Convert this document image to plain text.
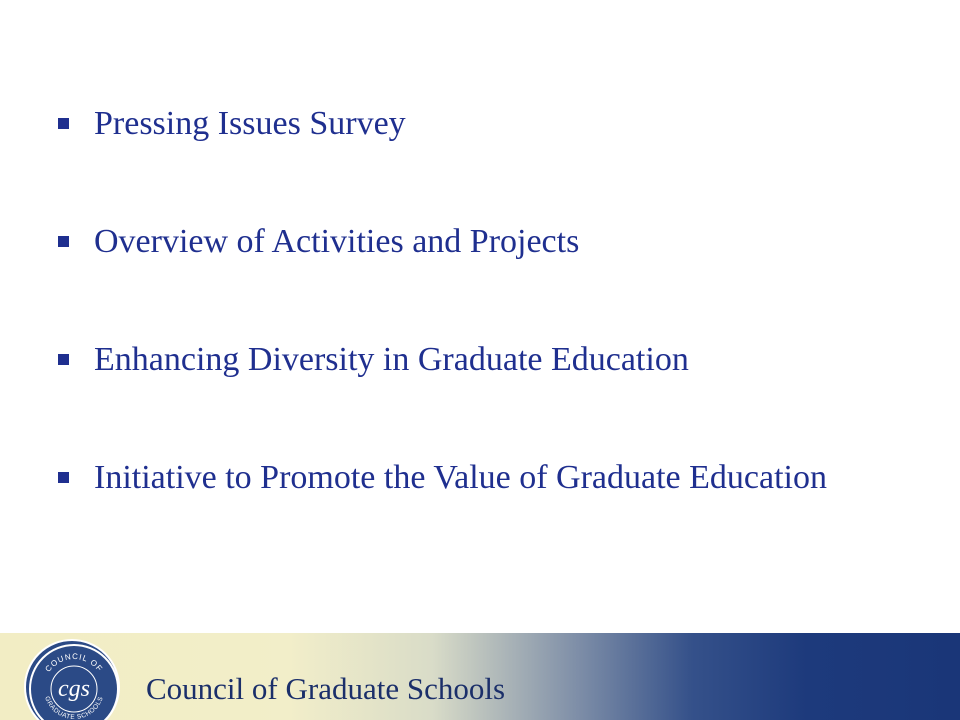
Pressing Issues Survey
Overview of Activities and Projects
Enhancing Diversity in Graduate Education
Initiative to Promote the Value of Graduate Education
COUNCIL OF
cgs
GRADUATE SCHOOLS Council of Graduate Schools
